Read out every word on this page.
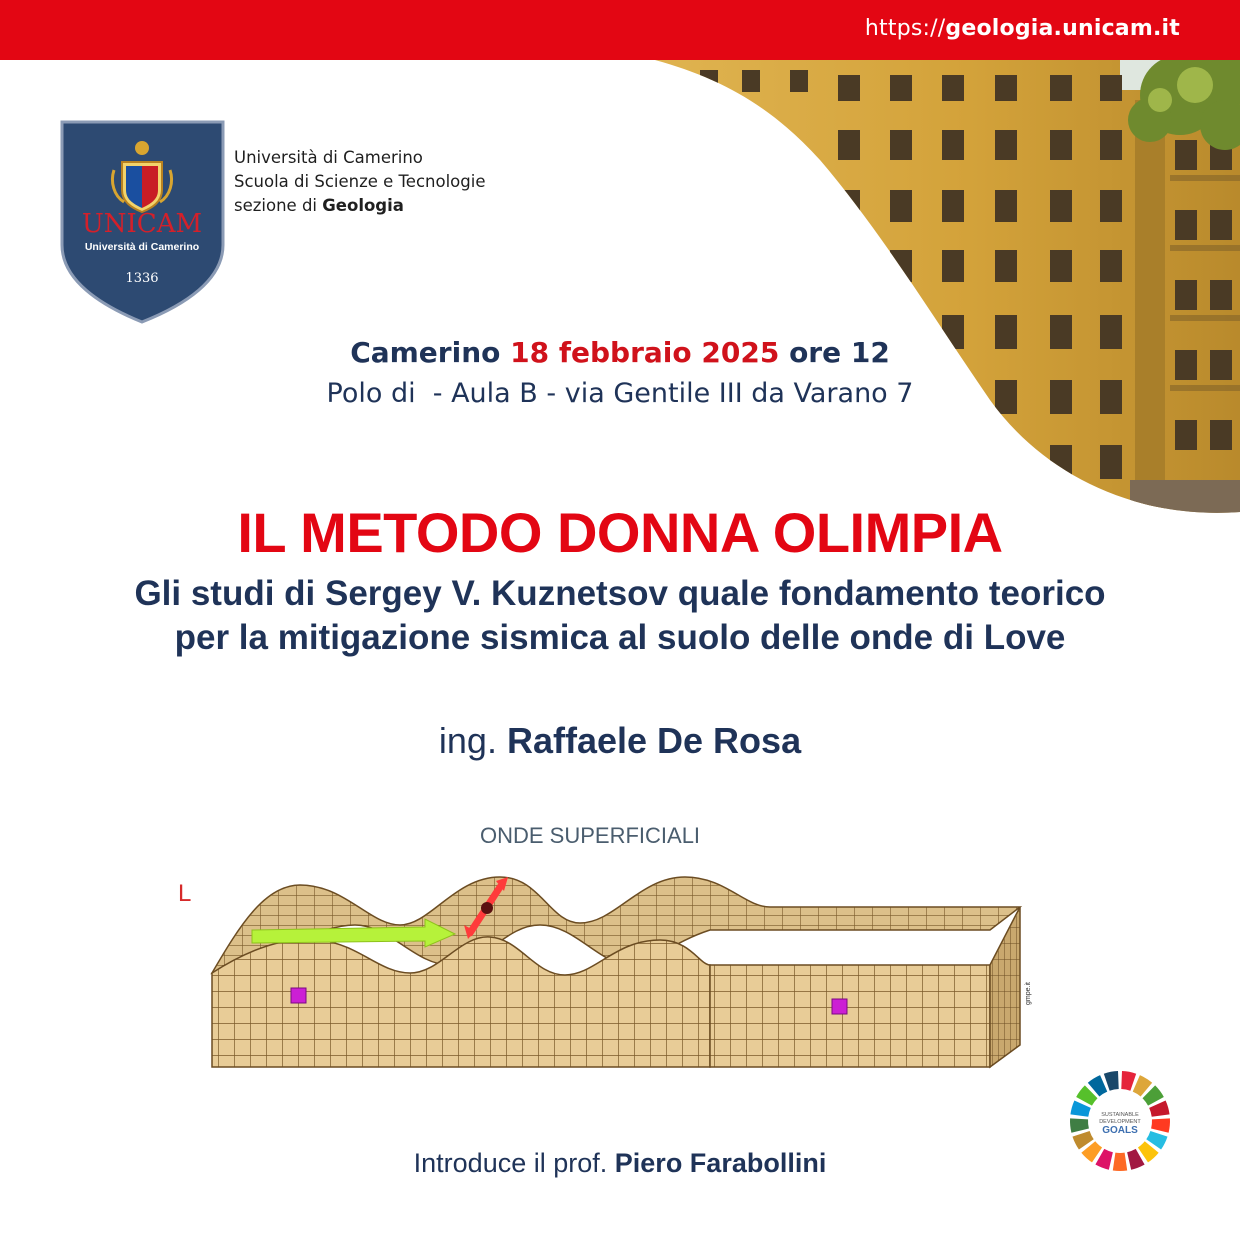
https://geologia.unicam.it
UNICAM
Università di Camerino
1336
Università di Camerino
Scuola di Scienze e Tecnologie
sezione di Geologia
Camerino 18 febbraio 2025 ore 12
Polo di  - Aula B - via Gentile III da Varano 7
IL METODO DONNA OLIMPIA
Gli studi di Sergey V. Kuznetsov quale fondamento teorico
per la mitigazione sismica al suolo delle onde di Love
ing. Raffaele De Rosa
ONDE SUPERFICIALI
L
gmpe.it
Introduce il prof. Piero Farabollini
SUSTAINABLE
DEVELOPMENT
GOALS
